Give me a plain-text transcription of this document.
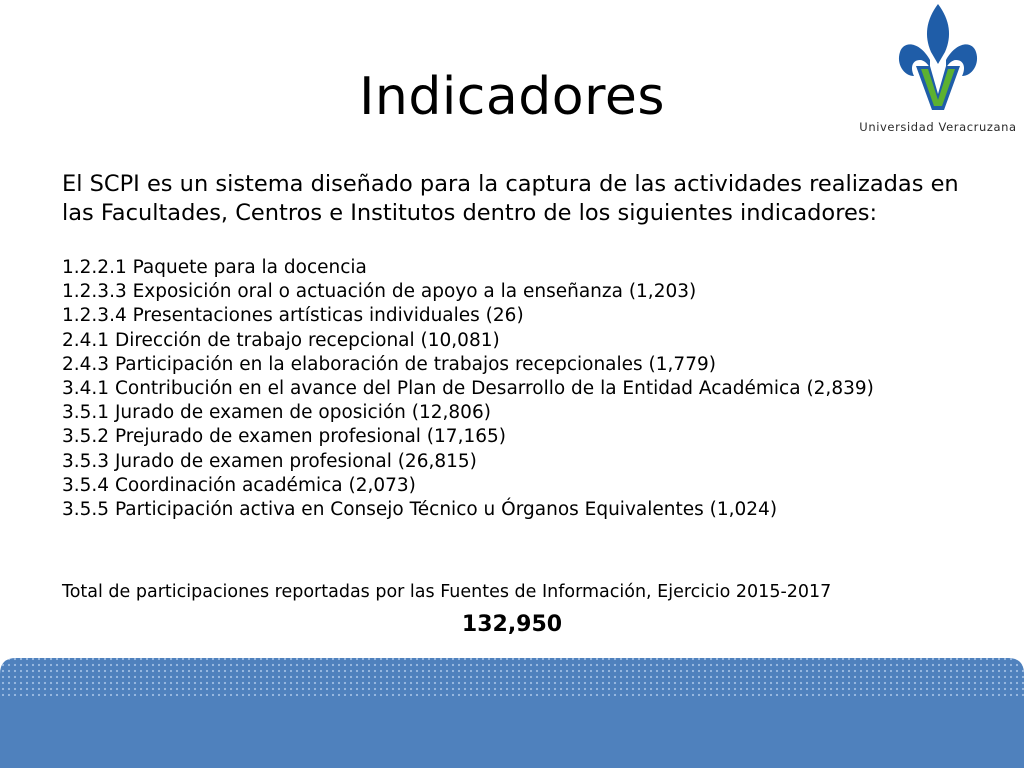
Universidad Veracruzana
Indicadores
El SCPI es un sistema diseñado para la captura de las actividades realizadas en las Facultades, Centros e Institutos dentro de los siguientes indicadores:
1.2.2.1 Paquete para la docencia
1.2.3.3 Exposición oral o actuación de apoyo a la enseñanza (1,203)
1.2.3.4 Presentaciones artísticas individuales (26)
2.4.1 Dirección de trabajo recepcional (10,081)
2.4.3 Participación en la elaboración de trabajos recepcionales (1,779)
3.4.1 Contribución en el avance del Plan de Desarrollo de la Entidad Académica (2,839)
3.5.1 Jurado de examen de oposición (12,806)
3.5.2 Prejurado de examen profesional (17,165)
3.5.3 Jurado de examen profesional (26,815)
3.5.4 Coordinación académica (2,073)
3.5.5 Participación activa en Consejo Técnico u Órganos Equivalentes (1,024)
Total de participaciones reportadas por las Fuentes de Información, Ejercicio 2015-2017
132,950
